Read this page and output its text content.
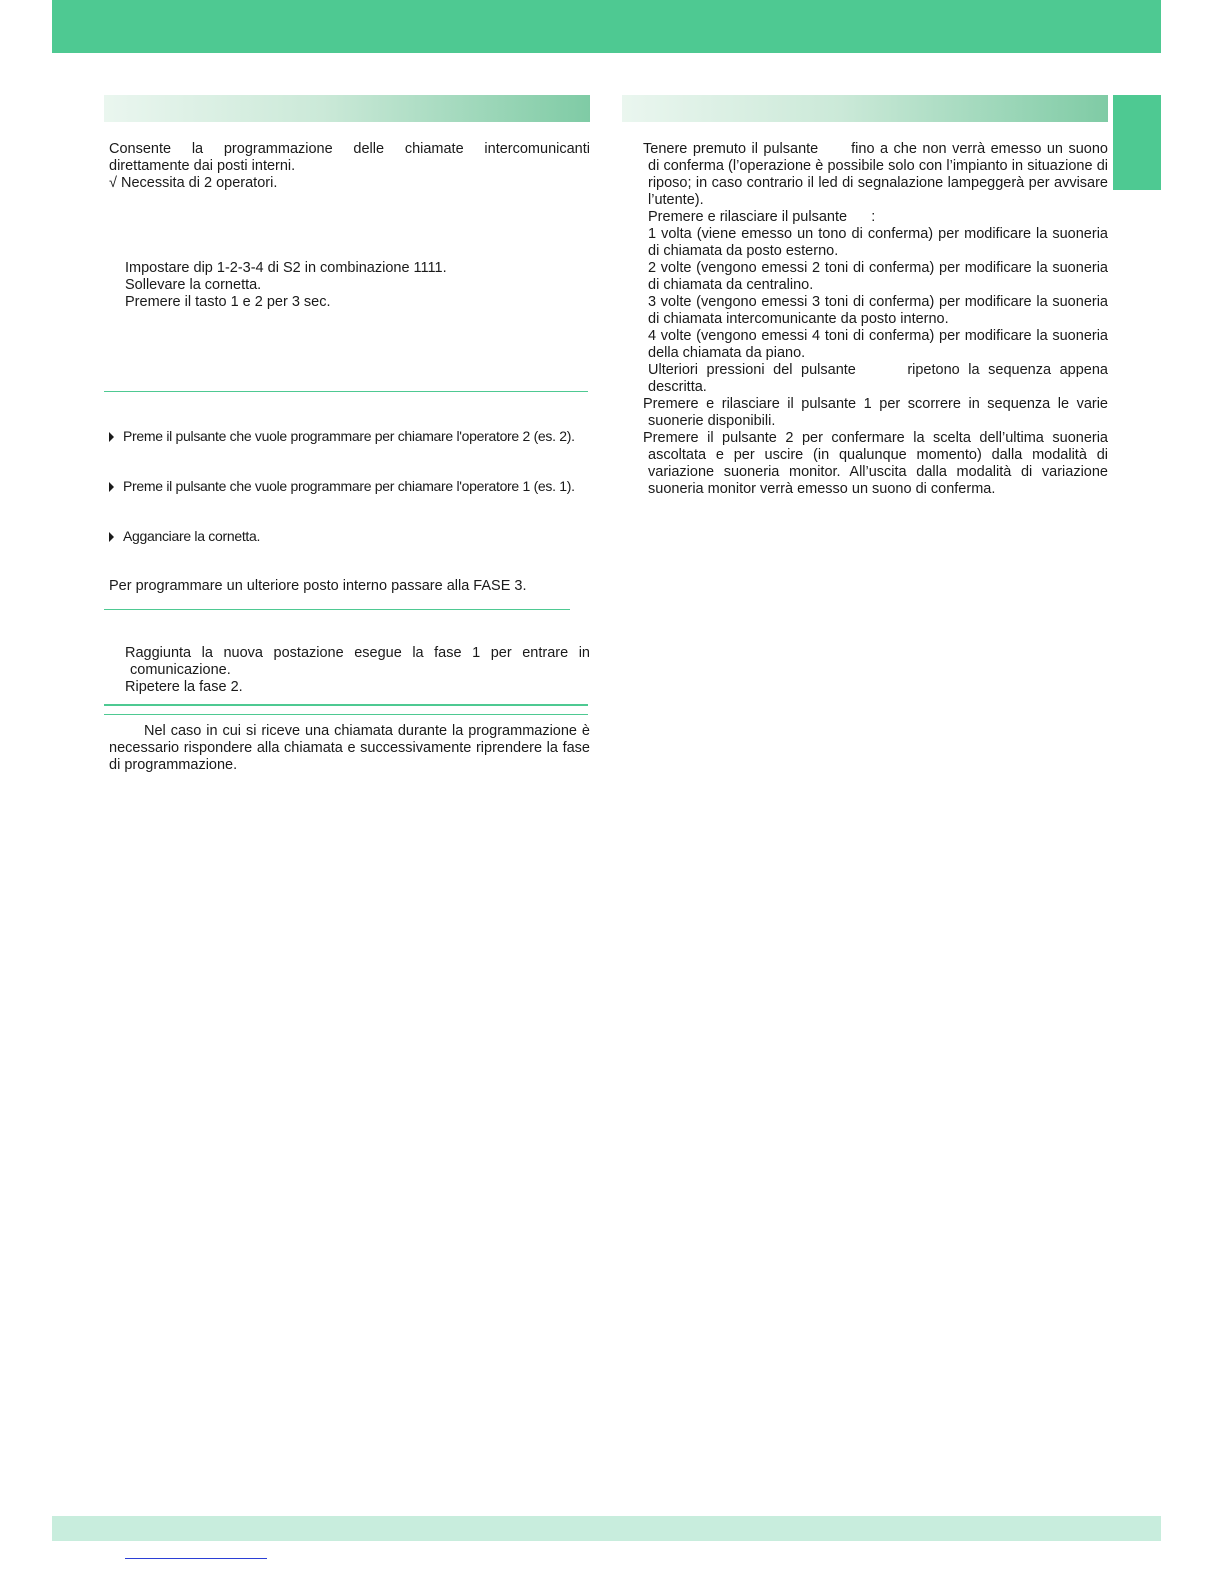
Consente la programmazione delle chiamate intercomunicanti direttamente dai posti interni.

√ Necessita di 2 operatori.

Impostare dip 1-2-3-4 di S2 in combinazione 1111.

Sollevare la cornetta.

Premere il tasto 1 e 2 per 3 sec.

Preme il pulsante che vuole programmare per chiamare l'operatore 2 (es. 2).
Preme il pulsante che vuole programmare per chiamare l'operatore 1 (es. 1).
Agganciare la cornetta.

Per programmare un ulteriore posto interno passare alla FASE 3.

Raggiunta la nuova postazione esegue la fase 1 per entrare in

comunicazione.

Ripetere la fase 2.

Nel caso in cui si riceve una chiamata durante la programmazione è necessario rispondere alla chiamata e successivamente riprendere la fase di programmazione.

Tenere premuto il pulsante      fino a che non verrà emesso un suono

di conferma (l’operazione è possibile solo con l’impianto in situazione di riposo; in caso contrario il led di segnalazione lampeggerà per avvisare l’utente).

Premere e rilasciare il pulsante      :

1 volta (viene emesso un tono di conferma) per modificare la suoneria

di chiamata da posto esterno.

2 volte (vengono emessi 2 toni di conferma) per modificare la suoneria

di chiamata da centralino.

3 volte (vengono emessi 3 toni di conferma) per modificare la suoneria

di chiamata intercomunicante da posto interno.

4 volte (vengono emessi 4 toni di conferma) per modificare la suoneria

della chiamata da piano.

Ulteriori pressioni del pulsante      ripetono la sequenza appena

descritta.

Premere e rilasciare il pulsante 1 per scorrere in sequenza le varie

suonerie disponibili.

Premere il pulsante 2 per confermare la scelta dell’ultima suoneria

ascoltata e per uscire (in qualunque momento) dalla modalità di variazione suoneria monitor. All’uscita dalla modalità di variazione suoneria monitor verrà emesso un suono di conferma.
